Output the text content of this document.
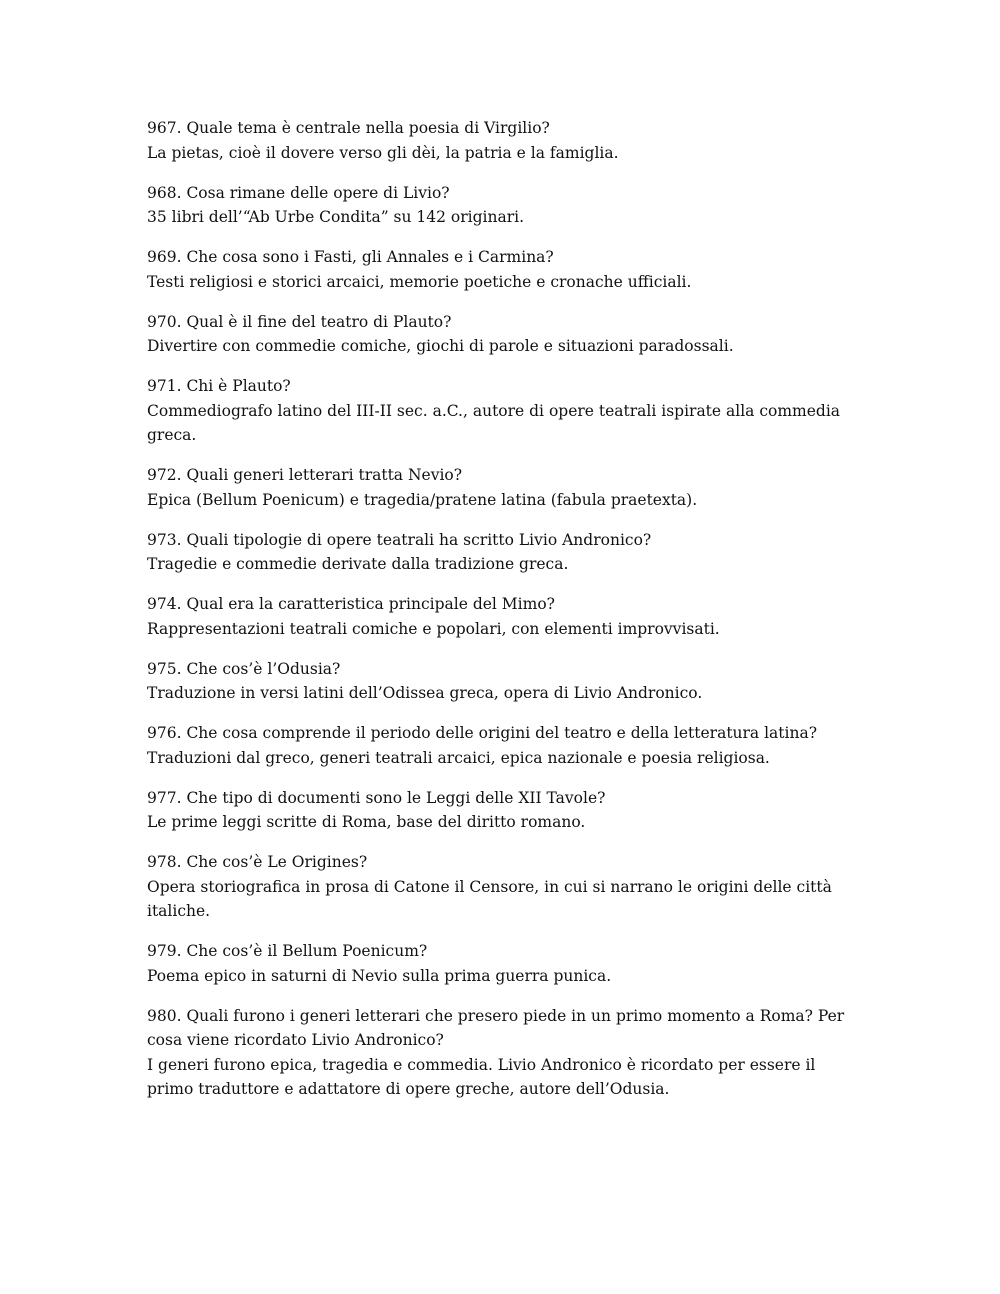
967. Quale tema è centrale nella poesia di Virgilio?
La pietas, cioè il dovere verso gli dèi, la patria e la famiglia.
968. Cosa rimane delle opere di Livio?
35 libri dell’“Ab Urbe Condita” su 142 originari.
969. Che cosa sono i Fasti, gli Annales e i Carmina?
Testi religiosi e storici arcaici, memorie poetiche e cronache ufficiali.
970. Qual è il fine del teatro di Plauto?
Divertire con commedie comiche, giochi di parole e situazioni paradossali.
971. Chi è Plauto?
Commediografo latino del III-II sec. a.C., autore di opere teatrali ispirate alla commedia greca.
972. Quali generi letterari tratta Nevio?
Epica (Bellum Poenicum) e tragedia/pratene latina (fabula praetexta).
973. Quali tipologie di opere teatrali ha scritto Livio Andronico?
Tragedie e commedie derivate dalla tradizione greca.
974. Qual era la caratteristica principale del Mimo?
Rappresentazioni teatrali comiche e popolari, con elementi improvvisati.
975. Che cos’è l’Odusia?
Traduzione in versi latini dell’Odissea greca, opera di Livio Andronico.
976. Che cosa comprende il periodo delle origini del teatro e della letteratura latina?
Traduzioni dal greco, generi teatrali arcaici, epica nazionale e poesia religiosa.
977. Che tipo di documenti sono le Leggi delle XII Tavole?
Le prime leggi scritte di Roma, base del diritto romano.
978. Che cos’è Le Origines?
Opera storiografica in prosa di Catone il Censore, in cui si narrano le origini delle città italiche.
979. Che cos’è il Bellum Poenicum?
Poema epico in saturni di Nevio sulla prima guerra punica.
980. Quali furono i generi letterari che presero piede in un primo momento a Roma? Per cosa viene ricordato Livio Andronico?
I generi furono epica, tragedia e commedia. Livio Andronico è ricordato per essere il primo traduttore e adattatore di opere greche, autore dell’Odusia.
